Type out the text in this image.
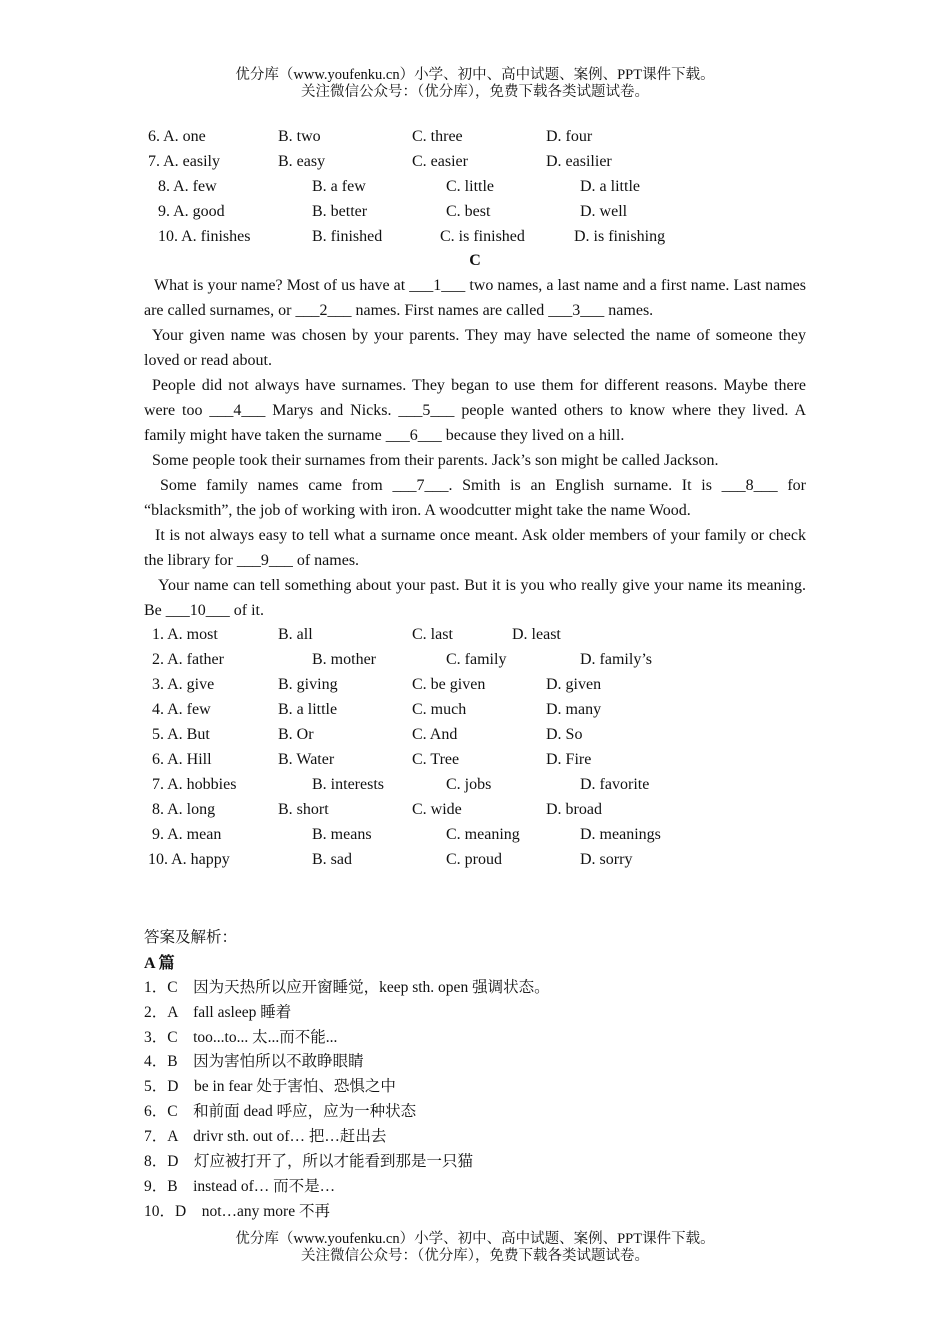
优分库（www.youfenku.cn）小学、初中、高中试题、案例、PPT课件下载。
关注微信公众号：（优分库），免费下载各类试题试卷。
6. A. one	B. two	C. three	D. four
7. A. easily	B. easy	C. easier	D. easilier
8. A. few	B. a few	C. little	D. a little
9. A. good	B. better	C. best	D. well
10. A. finishes	B. finished	C. is finished	D. is finishing
C

What is your name? Most of us have at ___1___ two names, a last name and a first name. Last names are called surnames, or ___2___ names. First names are called ___3___ names.

Your given name was chosen by your parents. They may have selected the name of someone they loved or read about.

People did not always have surnames. They began to use them for different reasons. Maybe there were too ___4___ Marys and Nicks. ___5___ people wanted others to know where they lived. A family might have taken the surname ___6___ because they lived on a hill.

Some people took their surnames from their parents. Jack’s son might be called Jackson.

Some family names came from ___7___. Smith is an English surname. It is ___8___ for “blacksmith”, the job of working with iron. A woodcutter might take the name Wood.

It is not always easy to tell what a surname once meant. Ask older members of your family or check the library for ___9___ of names.

Your name can tell something about your past. But it is you who really give your name its meaning. Be ___10___ of it.

1. A. most	B. all	C. last	D. least
2. A. father	B. mother	C. family	D. family’s
3. A. give	B. giving	C. be given	D. given
4. A. few	B. a little	C. much	D. many
5. A. But	B. Or	C. And	D. So
6. A. Hill	B. Water	C. Tree	D. Fire
7. A. hobbies	B. interests	C. jobs	D. favorite
8. A. long	B. short	C. wide	D. broad
9. A. mean	B. means	C. meaning	D. meanings
10. A. happy	B. sad	C. proud	D. sorry
答案及解析：
A 篇
1．C　因为天热所以应开窗睡觉，keep sth. open 强调状态。
2．A　fall asleep 睡着
3．C　too...to... 太...而不能...
4．B　因为害怕所以不敢睁眼睛
5．D　be in fear 处于害怕、恐惧之中
6．C　和前面 dead 呼应，应为一种状态
7．A　drivr sth. out of… 把…赶出去
8．D　灯应被打开了，所以才能看到那是一只猫
9．B　instead of… 而不是…
10．D　not…any more 不再
优分库（www.youfenku.cn）小学、初中、高中试题、案例、PPT课件下载。
关注微信公众号：（优分库），免费下载各类试题试卷。
